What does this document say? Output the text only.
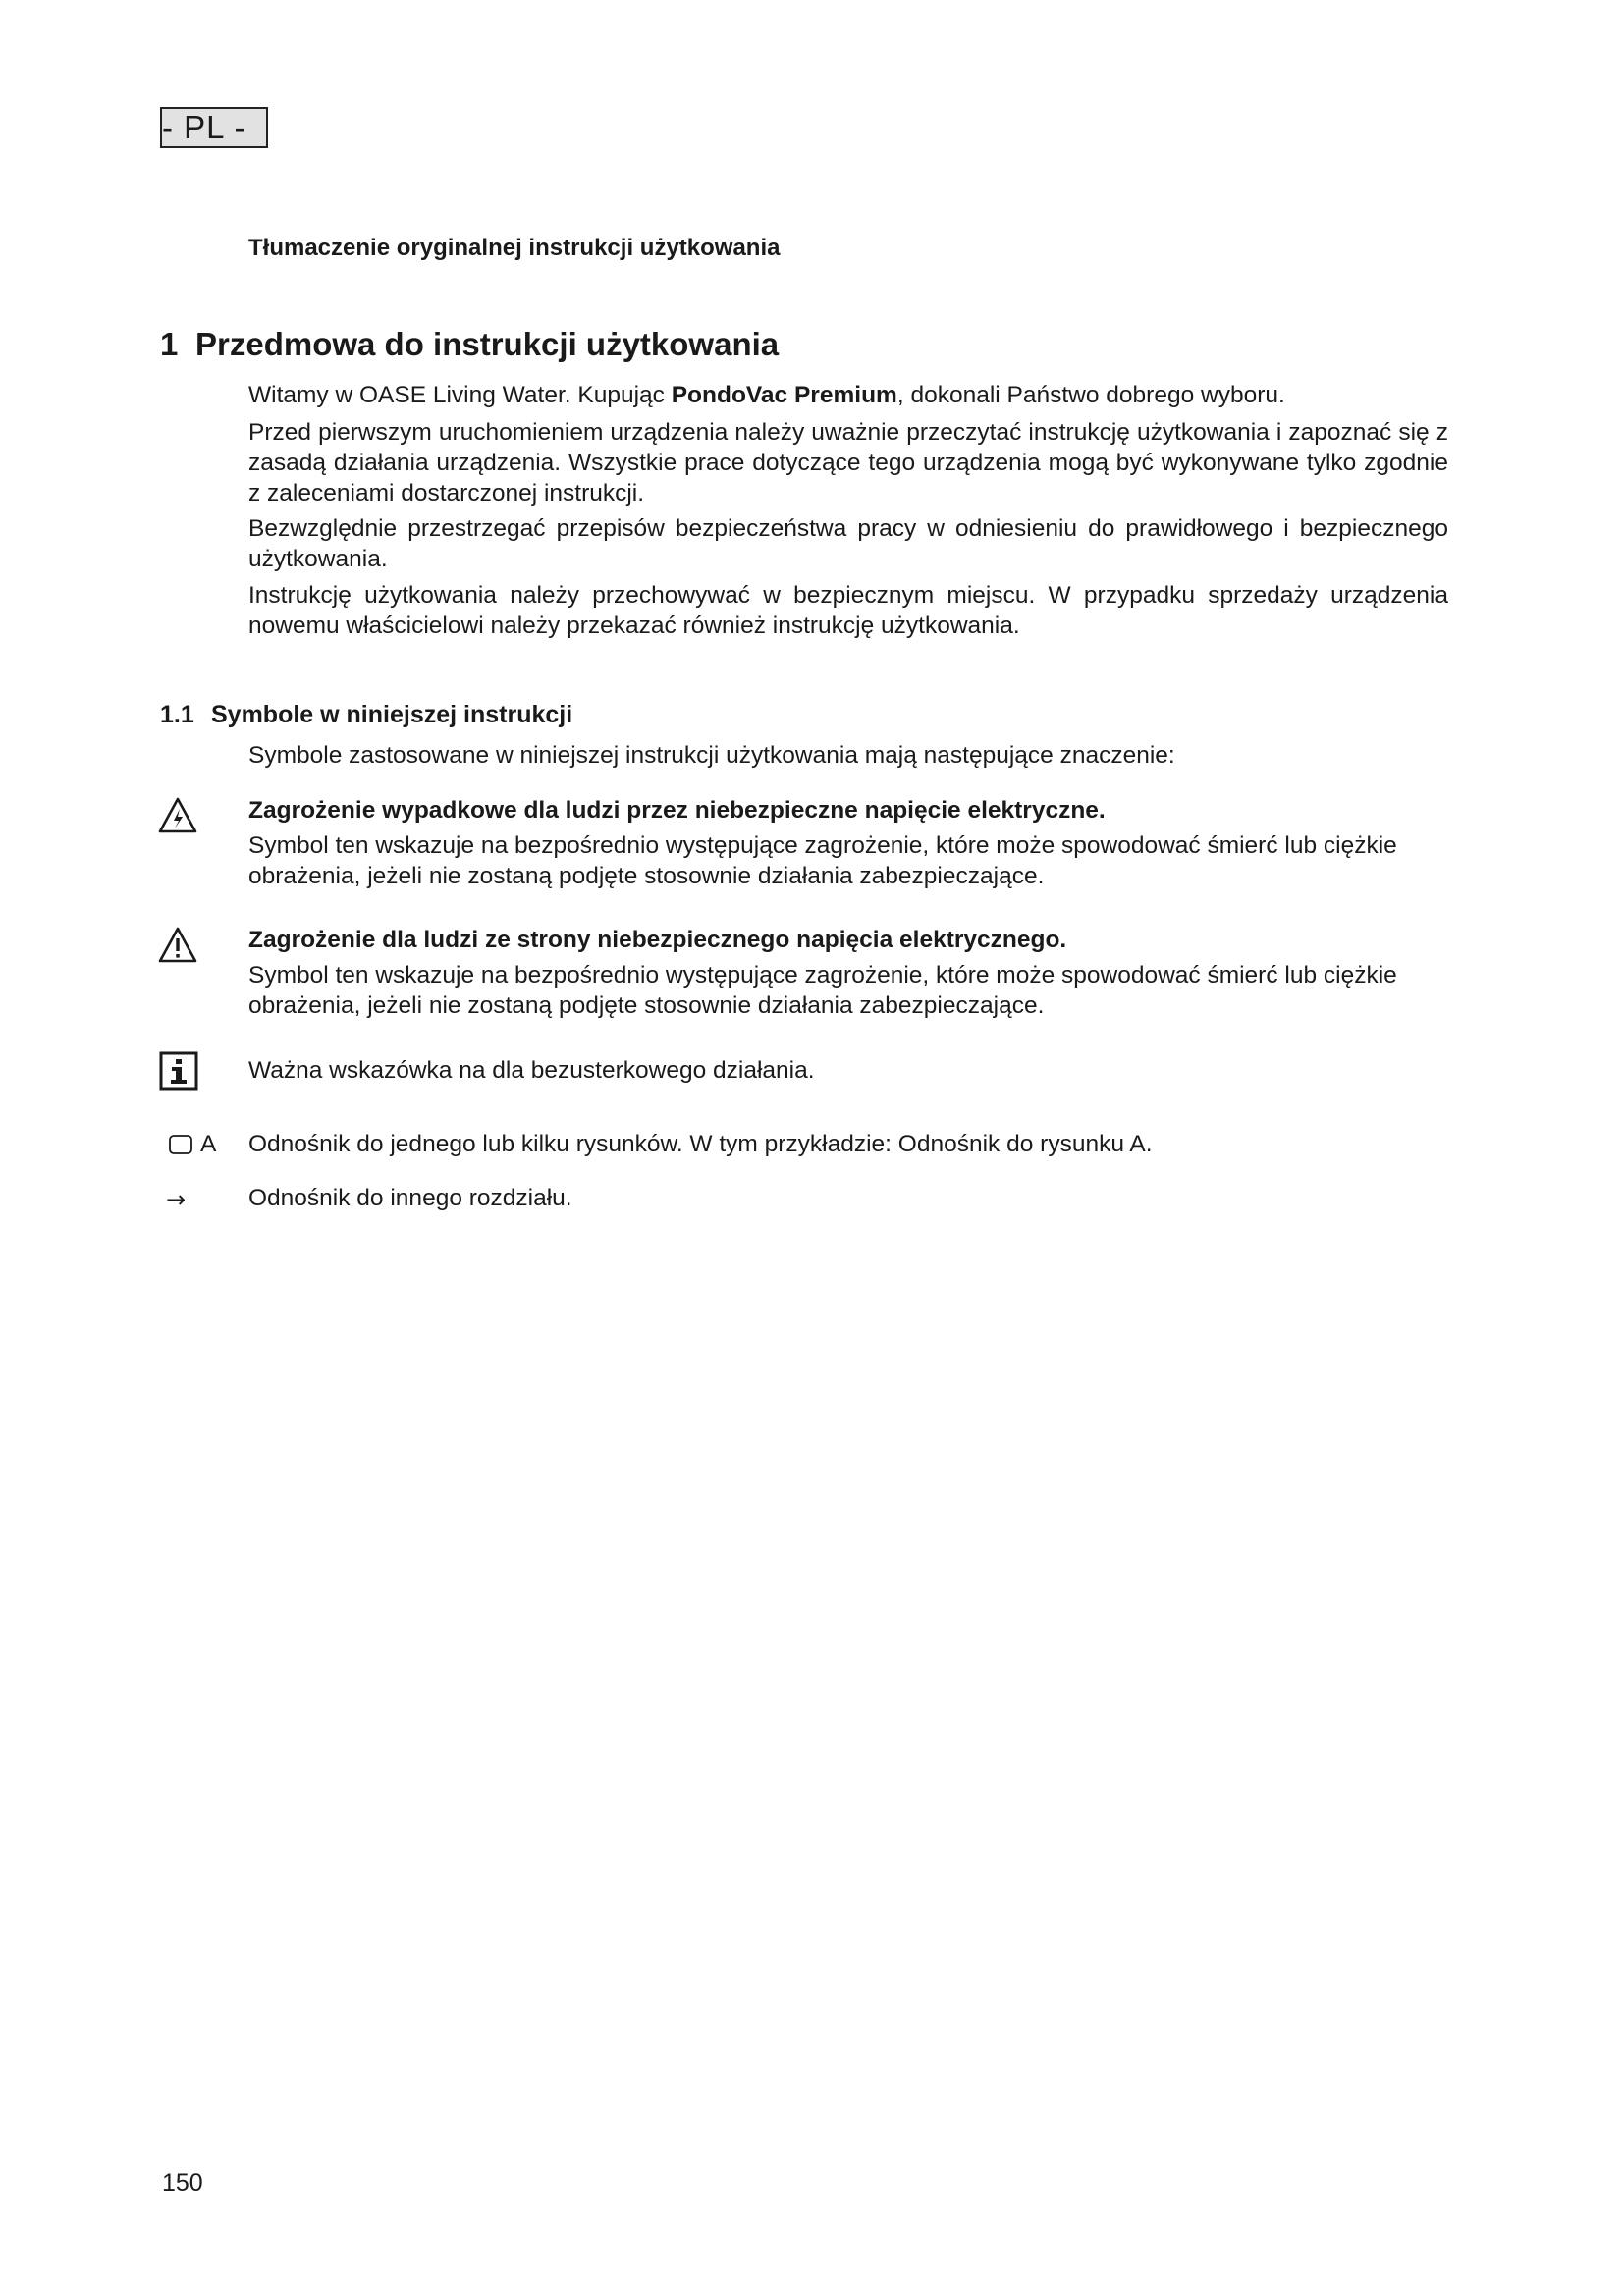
- PL -
Tłumaczenie oryginalnej instrukcji użytkowania
1 Przedmowa do instrukcji użytkowania
Witamy w OASE Living Water. Kupując PondoVac Premium, dokonali Państwo dobrego wyboru.
Przed pierwszym uruchomieniem urządzenia należy uważnie przeczytać instrukcję użytkowania i zapoznać się z zasadą działania urządzenia. Wszystkie prace dotyczące tego urządzenia mogą być wykonywane tylko zgodnie z zaleceniami dostarczonej instrukcji.
Bezwzględnie przestrzegać przepisów bezpieczeństwa pracy w odniesieniu do prawidłowego i bezpiecznego użytkowania.
Instrukcję użytkowania należy przechowywać w bezpiecznym miejscu. W przypadku sprzedaży urządzenia nowemu właścicielowi należy przekazać również instrukcję użytkowania.
1.1 Symbole w niniejszej instrukcji
Symbole zastosowane w niniejszej instrukcji użytkowania mają następujące znaczenie:
Zagrożenie wypadkowe dla ludzi przez niebezpieczne napięcie elektryczne.
Symbol ten wskazuje na bezpośrednio występujące zagrożenie, które może spowodować śmierć lub ciężkie obrażenia, jeżeli nie zostaną podjęte stosownie działania zabezpieczające.
Zagrożenie dla ludzi ze strony niebezpiecznego napięcia elektrycznego.
Symbol ten wskazuje na bezpośrednio występujące zagrożenie, które może spowodować śmierć lub ciężkie obrażenia, jeżeli nie zostaną podjęte stosownie działania zabezpieczające.
Ważna wskazówka na dla bezusterkowego działania.
A Odnośnik do jednego lub kilku rysunków. W tym przykładzie: Odnośnik do rysunku A.
→	Odnośnik do innego rozdziału.
150
